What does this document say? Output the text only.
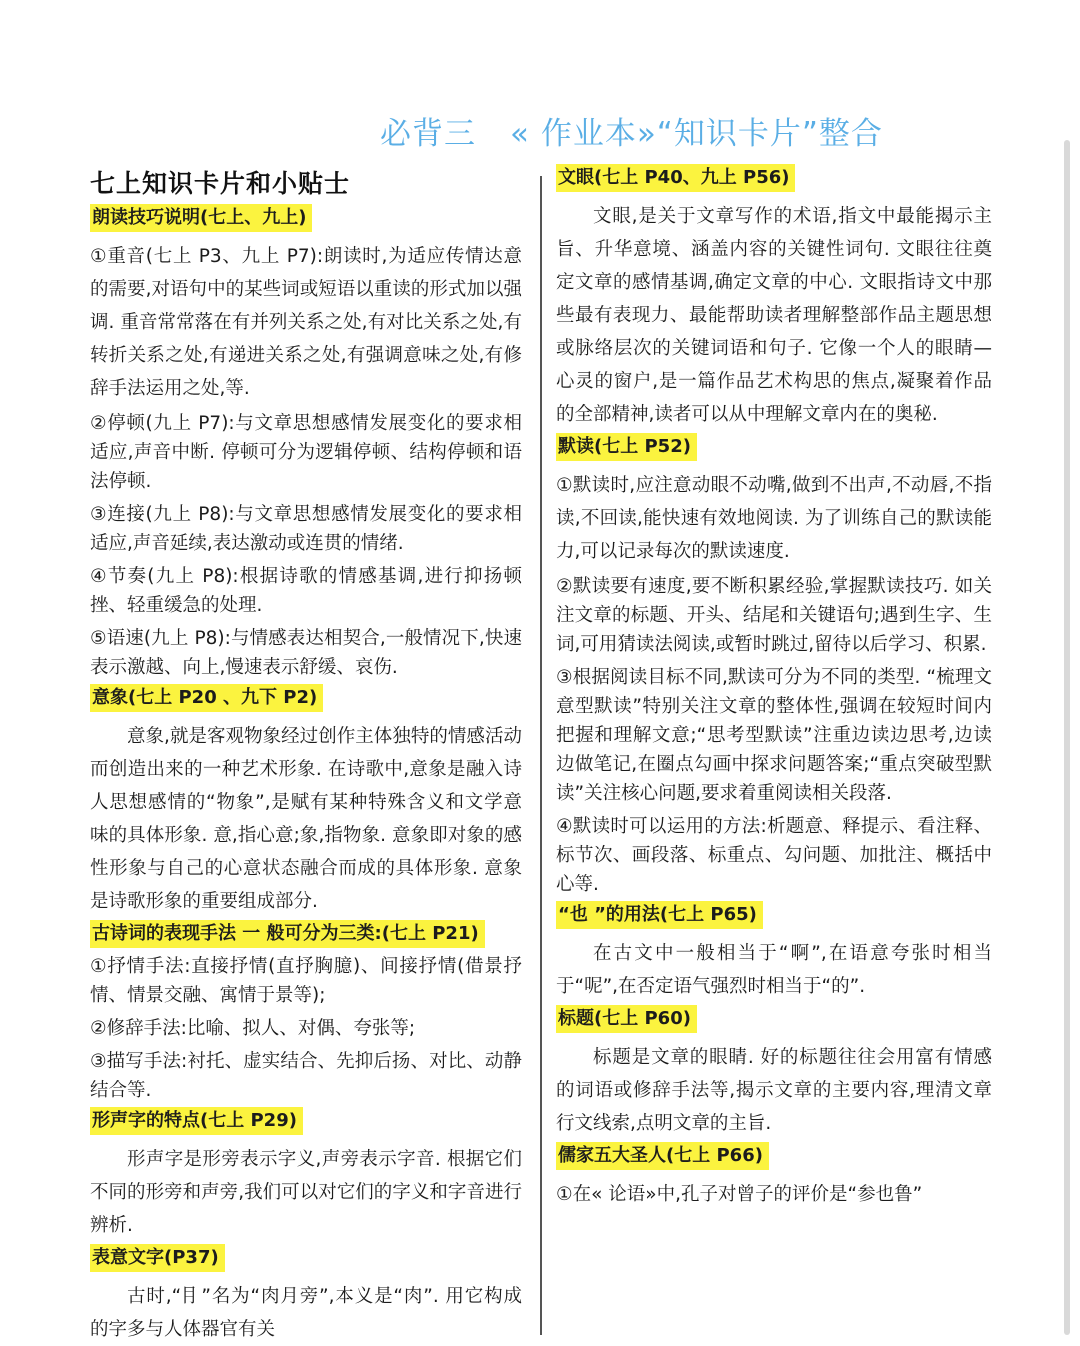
必背三 « 作业本»“知识卡片”整合
七上知识卡片和小贴士
朗读技巧说明(七上、九上)

①重音(七上 P3、九上 P7):朗读时,为适应传情达意的需要,对语句中的某些词或短语以重读的形式加以强调. 重音常常落在有并列关系之处,有对比关系之处,有转折关系之处,有递进关系之处,有强调意味之处,有修辞手法运用之处,等.

②停顿(九上 P7):与文章思想感情发展变化的要求相适应,声音中断. 停顿可分为逻辑停顿、结构停顿和语法停顿.

③连接(九上 P8):与文章思想感情发展变化的要求相适应,声音延续,表达激动或连贯的情绪.

④节奏(九上 P8):根据诗歌的情感基调,进行抑扬顿挫、轻重缓急的处理.

⑤语速(九上 P8):与情感表达相契合,一般情况下,快速表示激越、向上,慢速表示舒缓、哀伤.

意象(七上 P20 、九下 P2)

意象,就是客观物象经过创作主体独特的情感活动而创造出来的一种艺术形象. 在诗歌中,意象是融入诗人思想感情的“物象”,是赋有某种特殊含义和文学意味的具体形象. 意,指心意;象,指物象. 意象即对象的感性形象与自己的心意状态融合而成的具体形象. 意象是诗歌形象的重要组成部分.

古诗词的表现手法 一 般可分为三类:(七上 P21)

①抒情手法:直接抒情(直抒胸臆)、间接抒情(借景抒情、情景交融、寓情于景等);

②修辞手法:比喻、拟人、对偶、夸张等;

③描写手法:衬托、虚实结合、先抑后扬、对比、动静结合等.

形声字的特点(七上 P29)

形声字是形旁表示字义,声旁表示字音. 根据它们不同的形旁和声旁,我们可以对它们的字义和字音进行辨析.

表意文字(P37)

古时,“⺝”名为“肉月旁”,本义是“肉”. 用它构成的字多与人体器官有关

文眼(七上 P40、九上 P56)

文眼,是关于文章写作的术语,指文中最能揭示主旨、升华意境、涵盖内容的关键性词句. 文眼往往奠定文章的感情基调,确定文章的中心. 文眼指诗文中那些最有表现力、最能帮助读者理解整部作品主题思想或脉络层次的关键词语和句子. 它像一个人的眼睛—心灵的窗户,是一篇作品艺术构思的焦点,凝聚着作品的全部精神,读者可以从中理解文章内在的奥秘.

默读(七上 P52)

①默读时,应注意动眼不动嘴,做到不出声,不动唇,不指读,不回读,能快速有效地阅读. 为了训练自己的默读能力,可以记录每次的默读速度.

②默读要有速度,要不断积累经验,掌握默读技巧. 如关注文章的标题、开头、结尾和关键语句;遇到生字、生词,可用猜读法阅读,或暂时跳过,留待以后学习、积累.

③根据阅读目标不同,默读可分为不同的类型. “梳理文意型默读”特别关注文章的整体性,强调在较短时间内把握和理解文意;“思考型默读”注重边读边思考,边读边做笔记,在圈点勾画中探求问题答案;“重点突破型默读”关注核心问题,要求着重阅读相关段落.

④默读时可以运用的方法:析题意、释提示、看注释、标节次、画段落、标重点、勾问题、加批注、概括中心等.

“也 ”的用法(七上 P65)

在古文中一般相当于“啊”,在语意夸张时相当于“呢”,在否定语气强烈时相当于“的”.

标题(七上 P60)

标题是文章的眼睛. 好的标题往往会用富有情感的词语或修辞手法等,揭示文章的主要内容,理清文章行文线索,点明文章的主旨.

儒家五大圣人(七上 P66)

①在« 论语»中,孔子对曾子的评价是“参也鲁”
